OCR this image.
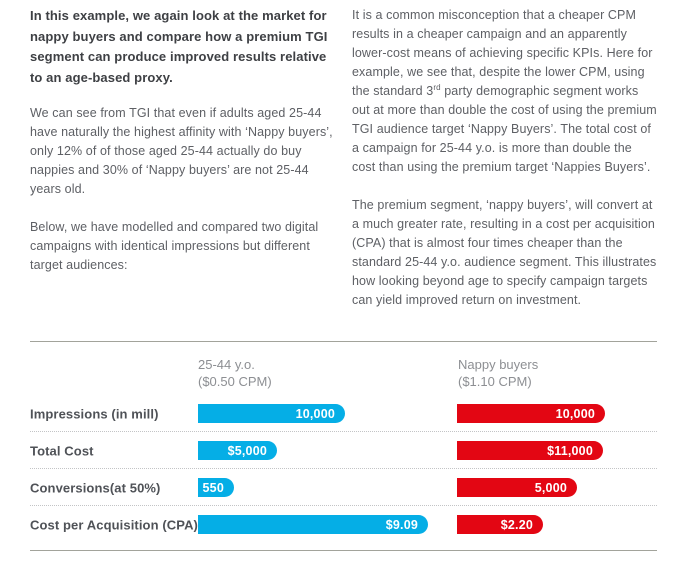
In this example, we again look at the market for nappy buyers and compare how a premium TGI segment can produce improved results relative to an age-based proxy.

We can see from TGI that even if adults aged 25-44 have naturally the highest affinity with ‘Nappy buyers’, only 12% of of those aged 25-44 actually do buy nappies and 30% of ‘Nappy buyers’ are not 25-44 years old.

Below, we have modelled and compared two digital campaigns with identical impressions but different target audiences:

It is a common misconception that a cheaper CPM results in a cheaper campaign and an apparently lower-cost means of achieving specific KPIs. Here for example, we see that, despite the lower CPM, using the standard 3rd party demographic segment works out at more than double the cost of using the premium TGI audience target ‘Nappy Buyers’. The total cost of a campaign for 25-44 y.o. is more than double the cost than using the premium target ‘Nappies Buyers’.

The premium segment, ‘nappy buyers’, will convert at a much greater rate, resulting in a cost per acquisition (CPA) that is almost four times cheaper than the standard 25-44 y.o. audience segment. This illustrates how looking beyond age to specify campaign targets can yield improved return on investment.

25-44 y.o.
($0.50 CPM)
Nappy buyers
($1.10 CPM)
Impressions (in mill)	10,000	10,000
Total Cost	$5,000	$11,000
Conversions(at 50%)	550	5,000
Cost per Acquisition (CPA)	$9.09	$2.20
